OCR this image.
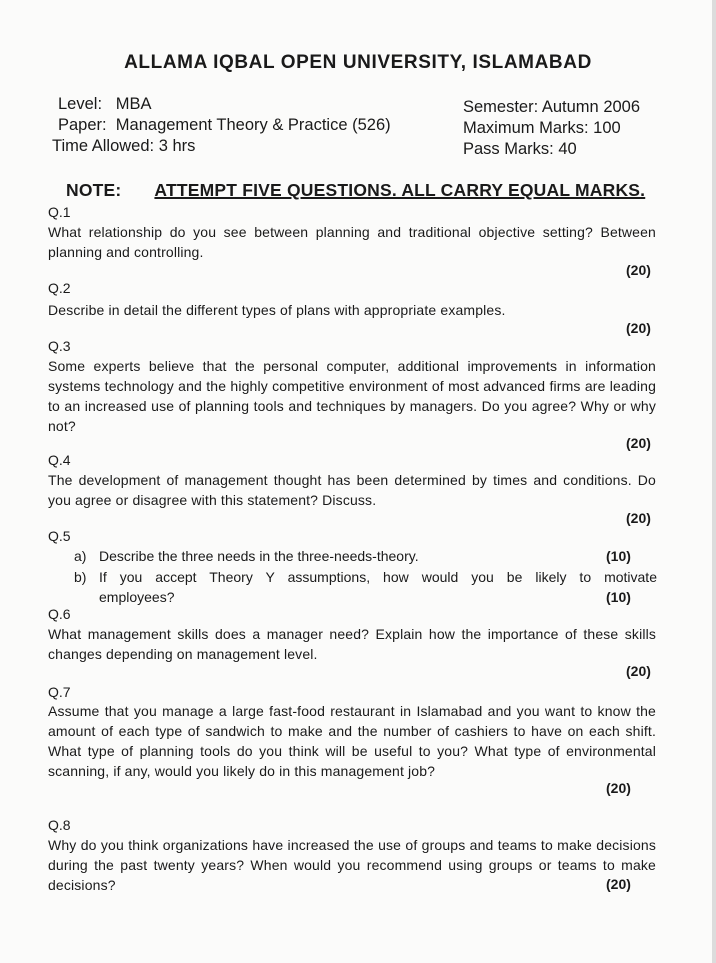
ALLAMA IQBAL OPEN UNIVERSITY, ISLAMABAD
Level: MBA
Paper: Management Theory & Practice (526)
Time Allowed: 3 hrs
Semester: Autumn 2006
Maximum Marks: 100
Pass Marks: 40
NOTE: ATTEMPT FIVE QUESTIONS. ALL CARRY EQUAL MARKS.
Q.1
What relationship do you see between planning and traditional objective setting? Between planning and controlling.
(20)
Q.2
Describe in detail the different types of plans with appropriate examples.
(20)
Q.3
Some experts believe that the personal computer, additional improvements in information systems technology and the highly competitive environment of most advanced firms are leading to an increased use of planning tools and techniques by managers. Do you agree? Why or why not?
(20)
Q.4
The development of management thought has been determined by times and conditions. Do you agree or disagree with this statement? Discuss.
(20)
Q.5
a) Describe the three needs in the three-needs-theory.	(10)
b) If you accept Theory Y assumptions, how would you be likely to motivate
employees?	(10)
Q.6
What management skills does a manager need? Explain how the importance of these skills changes depending on management level.
(20)
Q.7
Assume that you manage a large fast-food restaurant in Islamabad and you want to know the amount of each type of sandwich to make and the number of cashiers to have on each shift. What type of planning tools do you think will be useful to you? What type of environmental scanning, if any, would you likely do in this management job?
(20)
Q.8
Why do you think organizations have increased the use of groups and teams to make decisions during the past twenty years? When would you recommend using groups or teams to make decisions?	(20)
